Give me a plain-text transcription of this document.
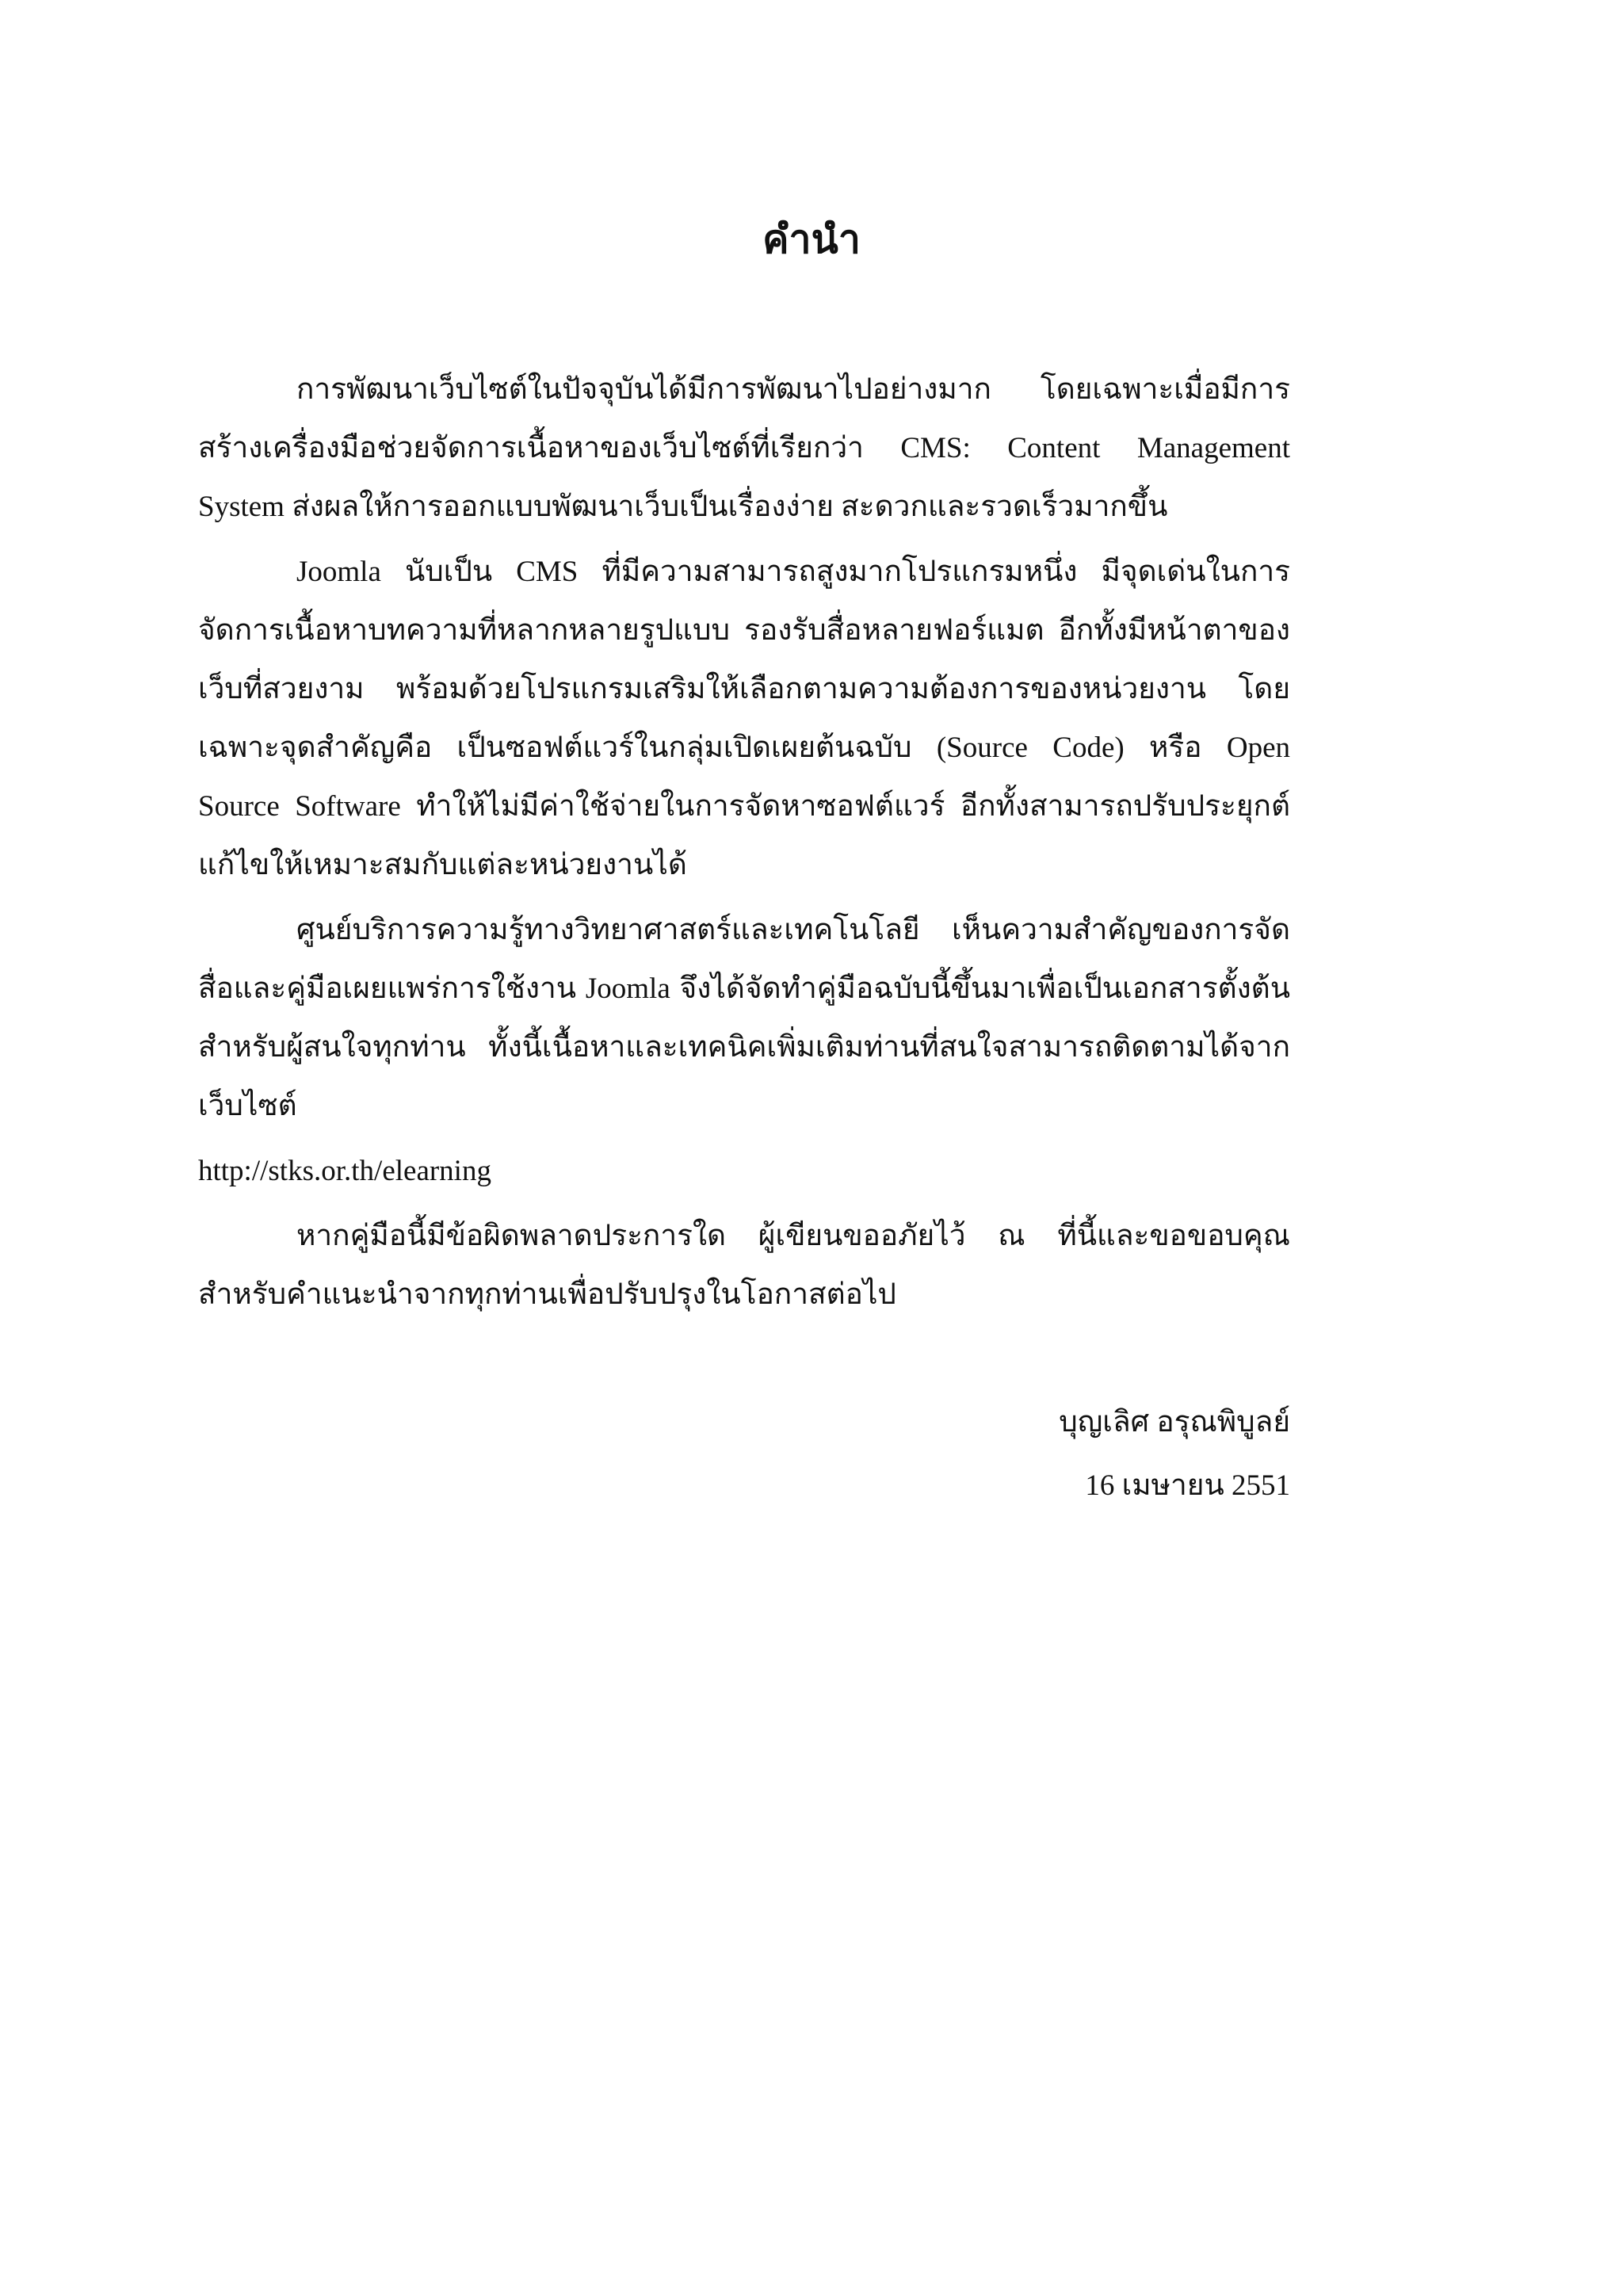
คำนำ

การพัฒนาเว็บไซต์ในปัจจุบันได้มีการพัฒนาไปอย่างมาก โดยเฉพาะเมื่อมีการสร้างเครื่องมือช่วยจัดการเนื้อหาของเว็บไซต์ที่เรียกว่า CMS: Content Management System ส่งผลให้การออกแบบพัฒนาเว็บเป็นเรื่องง่าย สะดวกและรวดเร็วมากขึ้น

Joomla นับเป็น CMS ที่มีความสามารถสูงมากโปรแกรมหนึ่ง มีจุดเด่นในการจัดการเนื้อหาบทความที่หลากหลายรูปแบบ รองรับสื่อหลายฟอร์แมต อีกทั้งมีหน้าตาของเว็บที่สวยงาม พร้อมด้วยโปรแกรมเสริมให้เลือกตามความต้องการของหน่วยงาน โดยเฉพาะจุดสำคัญคือ เป็นซอฟต์แวร์ในกลุ่มเปิดเผยต้นฉบับ (Source Code) หรือ Open Source Software ทำให้ไม่มีค่าใช้จ่ายในการจัดหาซอฟต์แวร์ อีกทั้งสามารถปรับประยุกต์แก้ไขให้เหมาะสมกับแต่ละหน่วยงานได้

ศูนย์บริการความรู้ทางวิทยาศาสตร์และเทคโนโลยี เห็นความสำคัญของการจัดสื่อและคู่มือเผยแพร่การใช้งาน Joomla จึงได้จัดทำคู่มือฉบับนี้ขึ้นมาเพื่อเป็นเอกสารตั้งต้นสำหรับผู้สนใจทุกท่าน ทั้งนี้เนื้อหาและเทคนิคเพิ่มเติมท่านที่สนใจสามารถติดตามได้จากเว็บไซต์

http://stks.or.th/elearning

หากคู่มือนี้มีข้อผิดพลาดประการใด ผู้เขียนขออภัยไว้ ณ ที่นี้และขอขอบคุณสำหรับคำแนะนำจากทุกท่านเพื่อปรับปรุงในโอกาสต่อไป

บุญเลิศ อรุณพิบูลย์

16 เมษายน 2551
